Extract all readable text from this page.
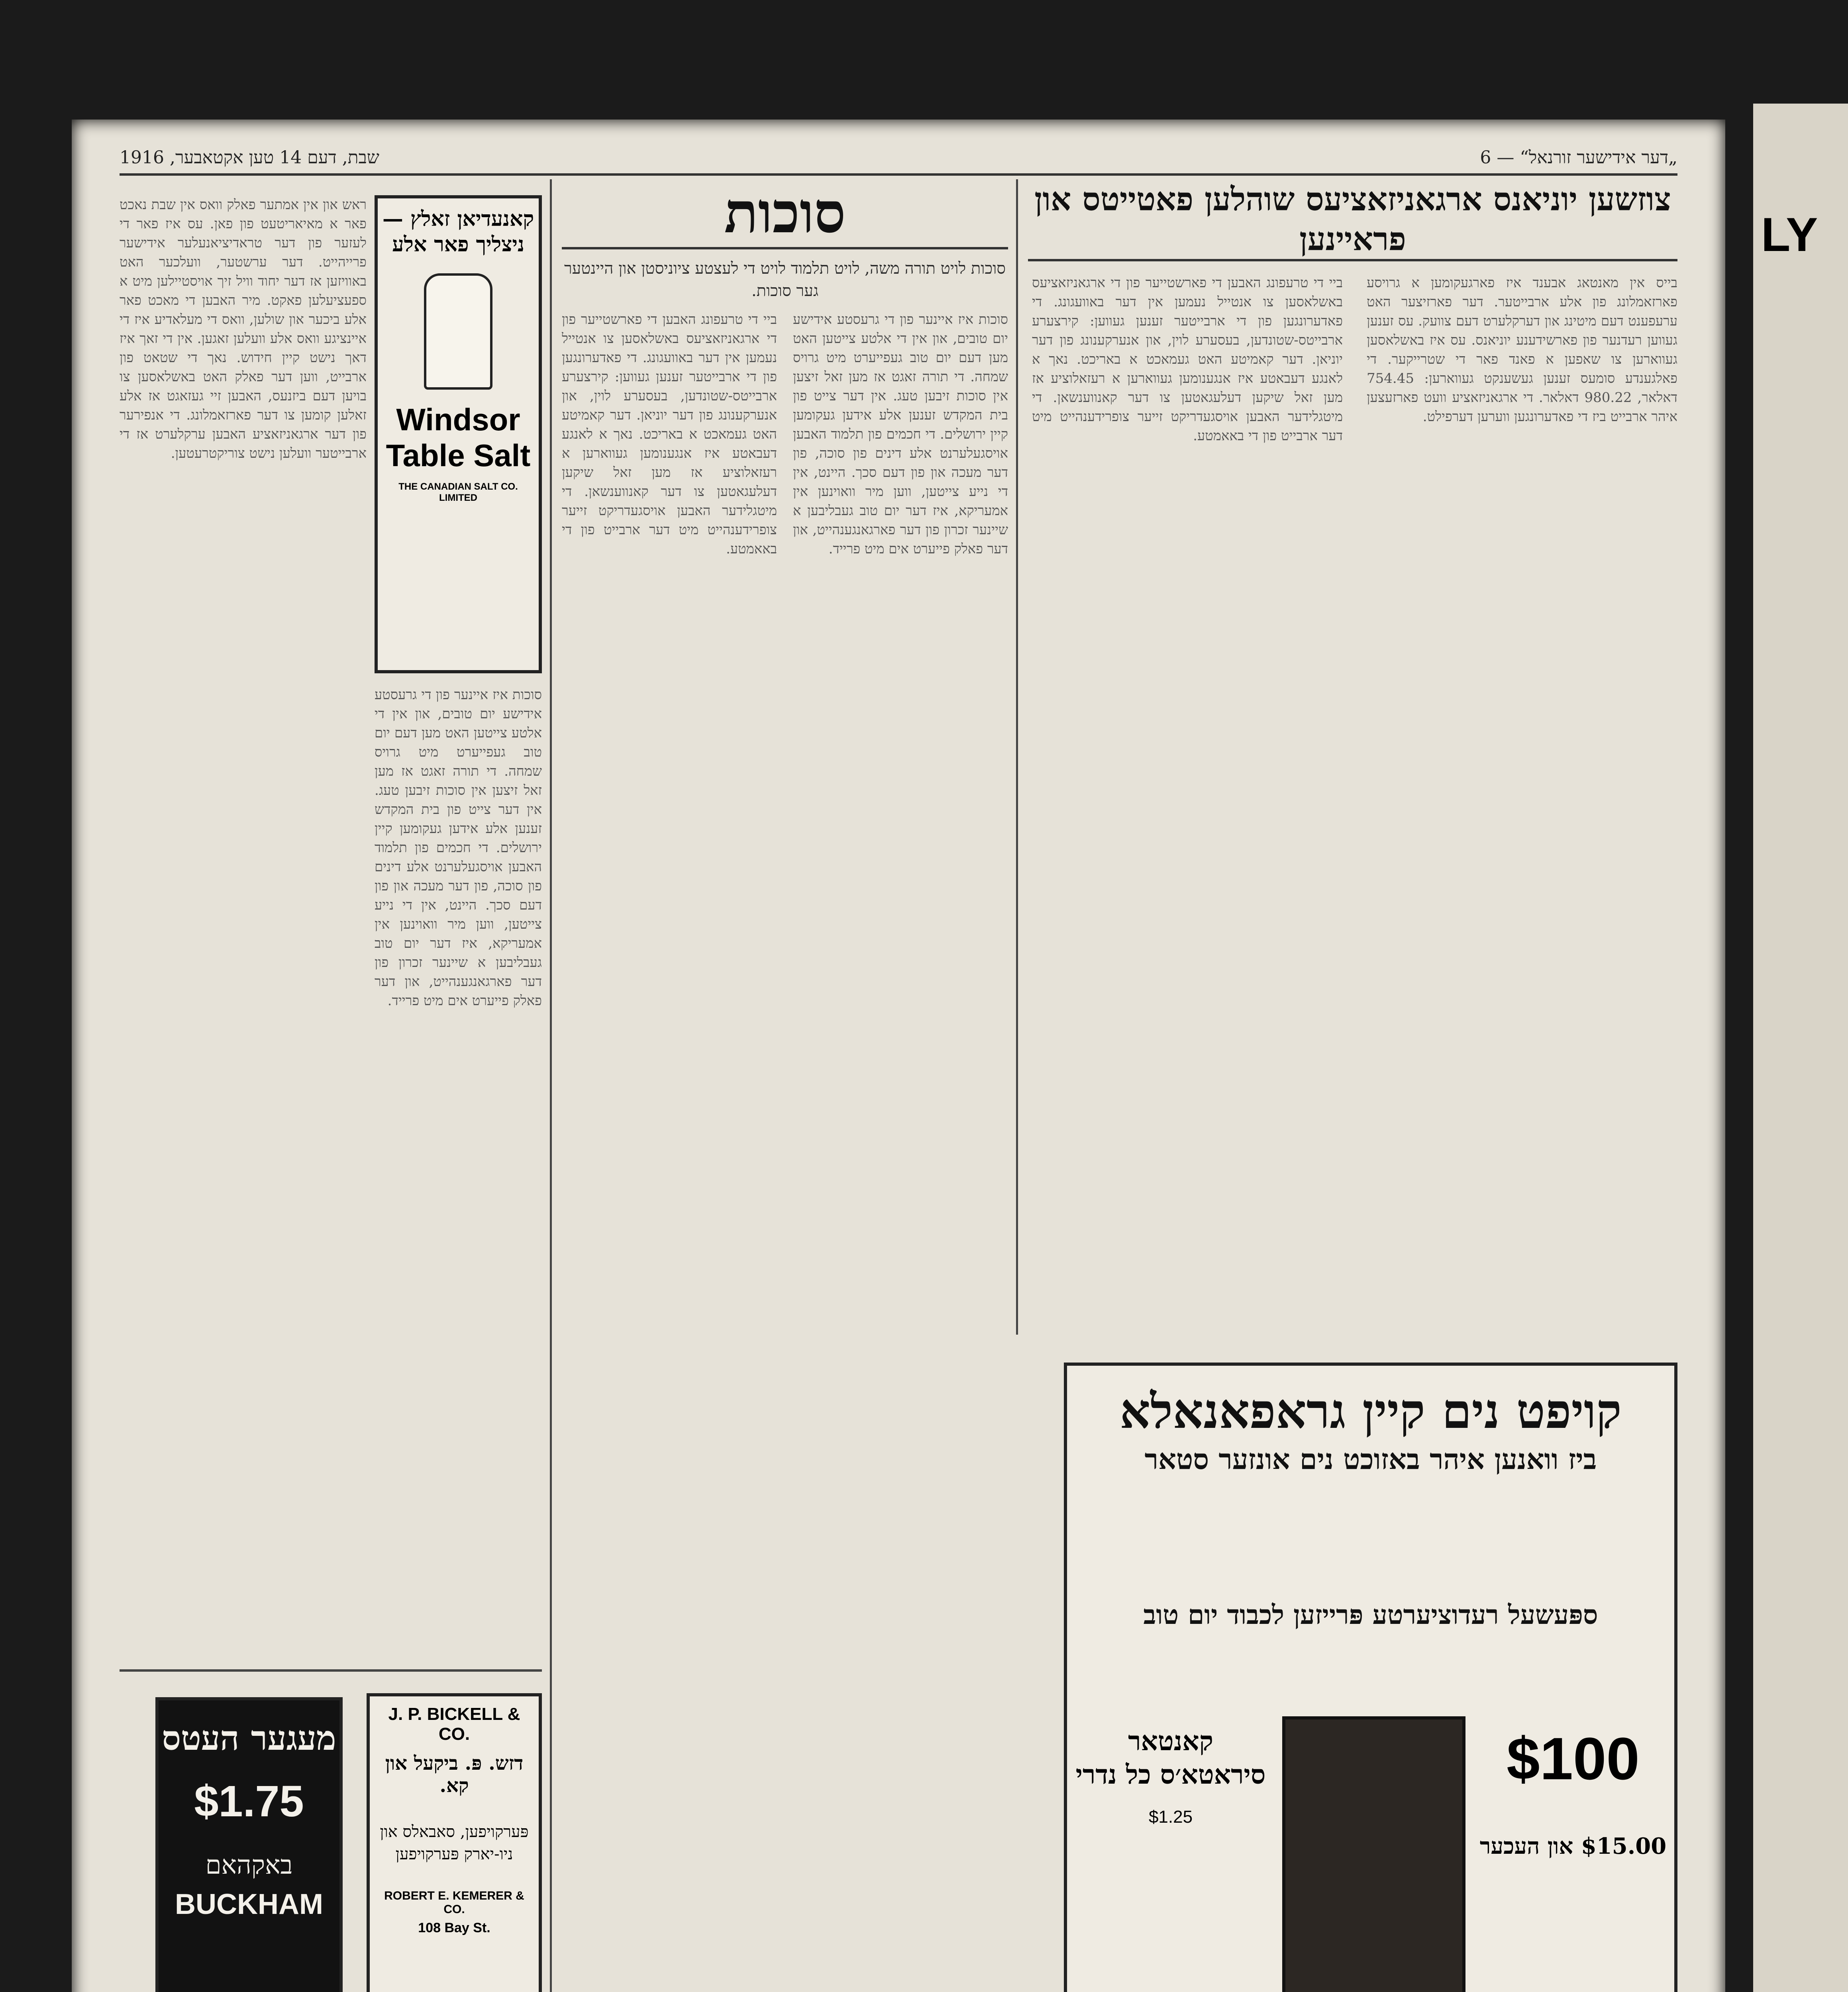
„דער אידישער זורנאל“ — 6
שבת, דעם 14 טען אקטאבער, 1916
צוזשען יוניאנס ארגאניזאציעס שוהלען פאטייטס און פראיינען
בייס אין מאנטאג אבענד איז פארגעקומען א גרויסע פארזאמלונג פון אלע ארבייטער. דער פארזיצער האט ערעפענט דעם מיטינג און דערקלערט דעם צוועק. עס זענען געווען רעדנער פון פארשידענע יוניאנס. עס איז באשלאסען געווארען צו שאפען א פאנד פאר די שטרייקער. די פאלגענדע סומעס זענען געשענקט געווארען: 754.45 דאלאר, 980.22 דאלאר. די ארגאניזאציע וועט פארזעצען איהר ארבייט ביז די פאדערונגען ווערען דערפילט.
ביי די טרעפונג האבען די פארשטייער פון די ארגאניזאציעס באשלאסען צו אנטייל נעמען אין דער באוועגונג. די פאדערונגען פון די ארבייטער זענען געווען: קירצערע ארבייטס-שטונדען, בעסערע לוין, און אנערקענונג פון דער יוניאן. דער קאמיטע האט געמאכט א באריכט. נאך א לאנגע דעבאטע איז אנגענומען געווארען א רעזאלוציע אז מען זאל שיקען דעלעגאטען צו דער קאנווענשאן. די מיטגלידער האבען אויסגעדריקט זייער צופרידענהייט מיט דער ארבייט פון די באאמטע.
סוכות
סוכות לויט תורה משה, לויט תלמוד לויט די לעצטע ציוניסטן און היינטער גער סוכות.
סוכות איז איינער פון די גרעסטע אידישע יום טובים, און אין די אלטע צייטען האט מען דעם יום טוב געפייערט מיט גרויס שמחה. די תורה זאגט אז מען זאל זיצען אין סוכות זיבען טעג. אין דער צייט פון בית המקדש זענען אלע אידען געקומען קיין ירושלים. די חכמים פון תלמוד האבען אויסגעלערנט אלע דינים פון סוכה, פון דער מעכה און פון דעם סכך. היינט, אין די נייע צייטען, ווען מיר וואוינען אין אמעריקא, איז דער יום טוב געבליבען א שיינער זכרון פון דער פארגאנגענהייט, און דער פאלק פייערט אים מיט פרייד.
ביי די טרעפונג האבען די פארשטייער פון די ארגאניזאציעס באשלאסען צו אנטייל נעמען אין דער באוועגונג. די פאדערונגען פון די ארבייטער זענען געווען: קירצערע ארבייטס-שטונדען, בעסערע לוין, און אנערקענונג פון דער יוניאן. דער קאמיטע האט געמאכט א באריכט. נאך א לאנגע דעבאטע איז אנגענומען געווארען א רעזאלוציע אז מען זאל שיקען דעלעגאטען צו דער קאנווענשאן. די מיטגלידער האבען אויסגעדריקט זייער צופרידענהייט מיט דער ארבייט פון די באאמטע.
קאנעדיאן זאלץ — ניצליך פאר אלע
Windsor Table Salt
THE CANADIAN SALT CO. LIMITED
ראש און אין אמתער פאלק וואס אין שבת נאכט פאר א מאיאריטעט פון פאן. עס איז פאר די לעזער פון דער טראדיציאנעלער אידישער פרייהייט. דער ערשטער, וועלכער האט באוויזען אז דער יחוד וויל זיך אויסטיילען מיט א ספעציעלען פאקט. מיר האבען די מאכט פאר אלע ביכער און שולען, וואס די מעלאדיע איז די איינציגע וואס אלע וועלען זאגען. אין די זאך איז דאך נישט קיין חידוש. נאך די שטאט פון ארבייט, ווען דער פאלק האט באשלאסען צו בויען דעם ביזנעס, האבען זיי געזאגט אז אלע זאלען קומען צו דער פארזאמלונג. די אנפירער פון דער ארגאניזאציע האבען ערקלערט אז די ארבייטער וועלען נישט צוריקטרעטען.
סוכות איז איינער פון די גרעסטע אידישע יום טובים, און אין די אלטע צייטען האט מען דעם יום טוב געפייערט מיט גרויס שמחה. די תורה זאגט אז מען זאל זיצען אין סוכות זיבען טעג. אין דער צייט פון בית המקדש זענען אלע אידען געקומען קיין ירושלים. די חכמים פון תלמוד האבען אויסגעלערנט אלע דינים פון סוכה, פון דער מעכה און פון דעם סכך. היינט, אין די נייע צייטען, ווען מיר וואוינען אין אמעריקא, איז דער יום טוב געבליבען א שיינער זכרון פון דער פארגאנגענהייט, און דער פאלק פייערט אים מיט פרייד.
מעגער העטס
$1.75
באקהאם
BUCKHAM
J. P. BICKELL & CO.
דזש. פּ. ביקעל און קא.
פּערקויפען, סאבאלס און ניו-יארק פּערקויפען
ROBERT E. KEMERER & CO.
108 Bay St.
קויפט נים קיין גראפאנאלא
ביז וואנען איהר באזוכט נים אונזער סטאר
ספּעשעל רעדוציערטע פּרייזען לכבוד יום טוב
קאנטאר סיראטא׳ס כל נדרי
$1.25
$100
$15.00 און העכער
LY
